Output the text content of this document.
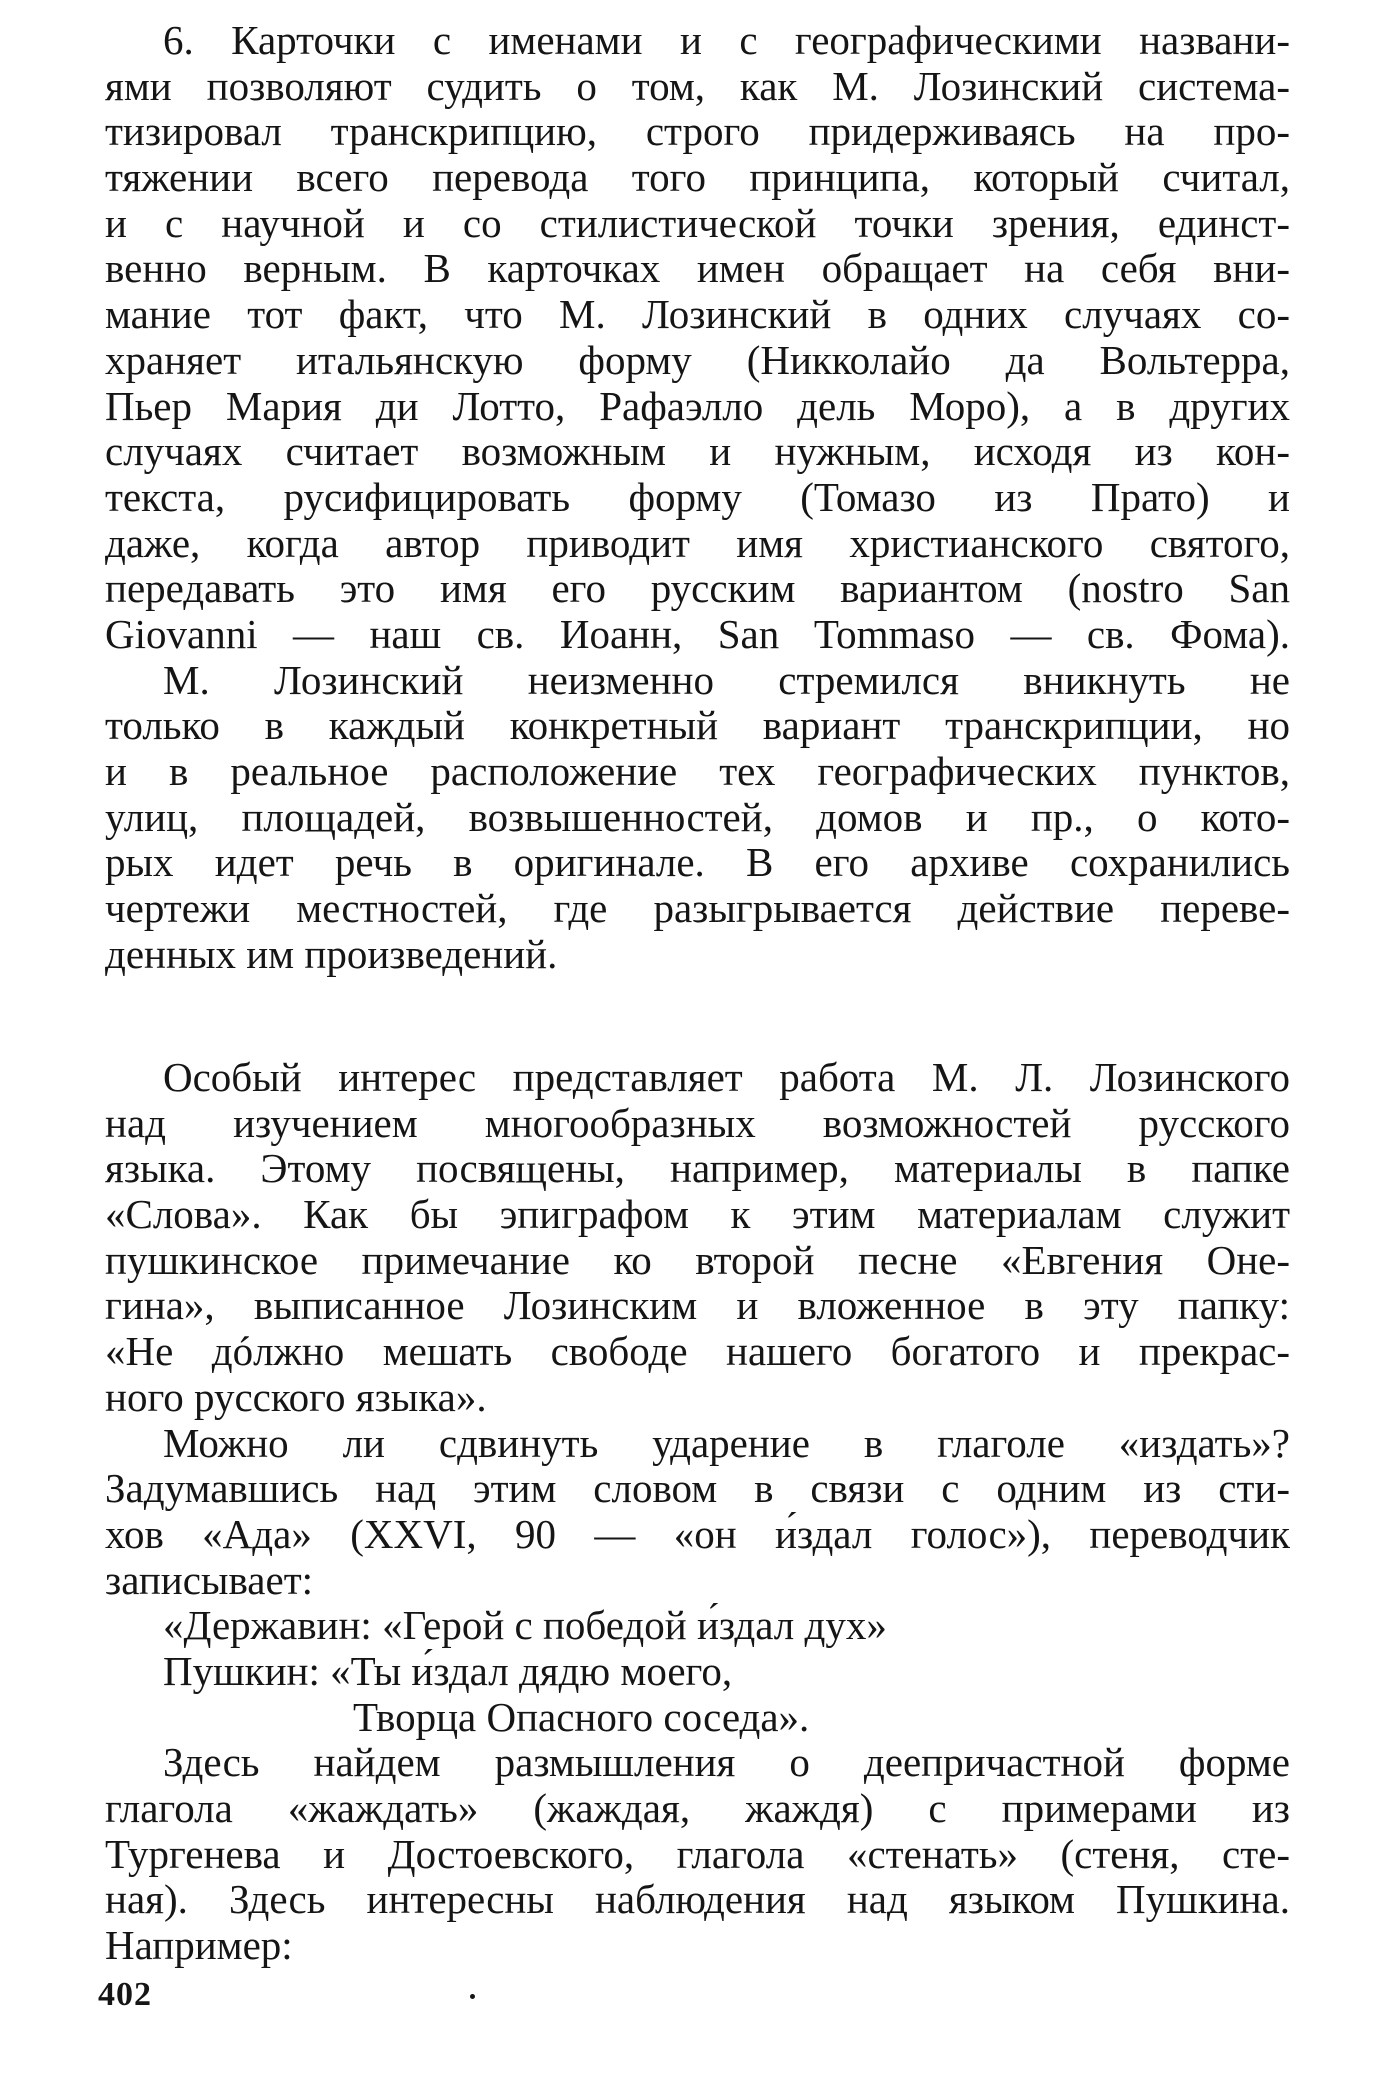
6. Карточки с именами и с географическими названи-
ями позволяют судить о том, как М. Лозинский система-
тизировал транскрипцию, строго придерживаясь на про-
тяжении всего перевода того принципа, который считал,
и с научной и со стилистической точки зрения, единст-
венно верным. В карточках имен обращает на себя вни-
мание тот факт, что М. Лозинский в одних случаях со-
храняет итальянскую форму (Никколайо да Вольтерра,
Пьер Мария ди Лотто, Рафаэлло дель Моро), а в других
случаях считает возможным и нужным, исходя из кон-
текста, русифицировать форму (Томазо из Прато) и
даже, когда автор приводит имя христианского святого,
передавать это имя его русским вариантом (nostro San
Giovanni — наш св. Иоанн, San Tommaso — св. Фома).
М. Лозинский неизменно стремился вникнуть не
только в каждый конкретный вариант транскрипции, но
и в реальное расположение тех географических пунктов,
улиц, площадей, возвышенностей, домов и пр., о кото-
рых идет речь в оригинале. В его архиве сохранились
чертежи местностей, где разыгрывается действие переве-
денных им произведений.
Особый интерес представляет работа М. Л. Лозинского
над изучением многообразных возможностей русского
языка. Этому посвящены, например, материалы в папке
«Слова». Как бы эпиграфом к этим материалам служит
пушкинское примечание ко второй песне «Евгения Оне-
гина», выписанное Лозинским и вложенное в эту папку:
«Не дóлжно мешать свободе нашего богатого и прекрас-
ного русского языка».
Можно ли сдвинуть ударение в глаголе «издать»?
Задумавшись над этим словом в связи с одним из сти-
хов «Ада» (XXVI, 90 — «он и́здал голос»), переводчик
записывает:
«Державин: «Герой с победой и́здал дух»
Пушкин: «Ты и́здал дядю моего,
Творца Опасного соседа».
Здесь найдем размышления о деепричастной форме
глагола «жаждать» (жаждая, жаждя) с примерами из
Тургенева и Достоевского, глагола «стенать» (стеня, сте-
ная). Здесь интересны наблюдения над языком Пушкина.
Например:
402
